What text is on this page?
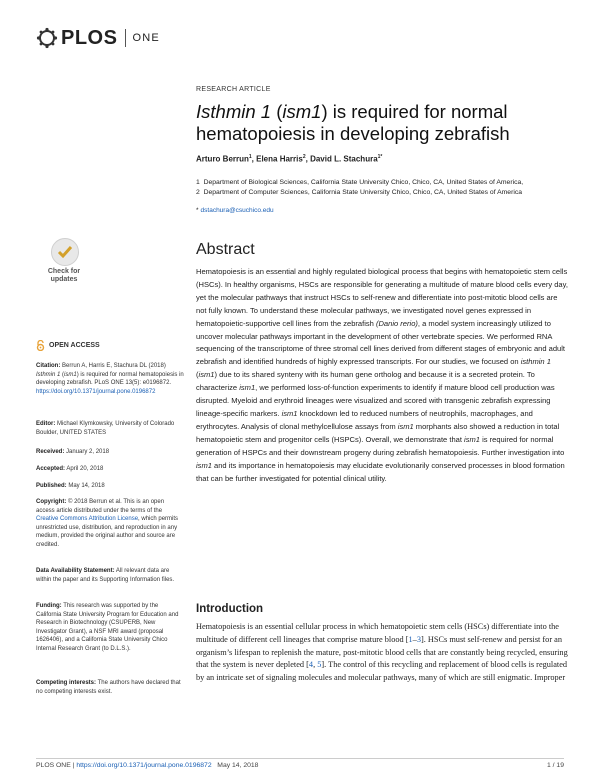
PLOS ONE
RESEARCH ARTICLE
Isthmin 1 (ism1) is required for normal hematopoiesis in developing zebrafish
Arturo Berrun$^1$, Elena Harris$^2$, David L. Stachura$^{1*}$
1 Department of Biological Sciences, California State University Chico, Chico, CA, United States of America,
2 Department of Computer Sciences, California State University Chico, Chico, CA, United States of America
* dstachura@csuchico.edu
Check for updates
OPEN ACCESS
Citation: Berrun A, Harris E, Stachura DL (2018) Isthmin 1 (ism1) is required for normal hematopoiesis in developing zebrafish. PLoS ONE 13(5): e0196872. https://doi.org/10.1371/journal.pone.0196872
Editor: Michael Klymkowsky, University of Colorado Boulder, UNITED STATES
Received: January 2, 2018
Accepted: April 20, 2018
Published: May 14, 2018
Copyright: © 2018 Berrun et al. This is an open access article distributed under the terms of the Creative Commons Attribution License, which permits unrestricted use, distribution, and reproduction in any medium, provided the original author and source are credited.
Data Availability Statement: All relevant data are within the paper and its Supporting Information files.
Funding: This research was supported by the California State University Program for Education and Research in Biotechnology (CSUPERB, New Investigator Grant), a NSF MRI award (proposal 1626406), and a California State University Chico Internal Research Grant (to D.L.S.).
Competing interests: The authors have declared that no competing interests exist.
Abstract

Hematopoiesis is an essential and highly regulated biological process that begins with hematopoietic stem cells (HSCs). In healthy organisms, HSCs are responsible for generating a multitude of mature blood cells every day, yet the molecular pathways that instruct HSCs to self-renew and differentiate into post-mitotic blood cells are not fully known. To understand these molecular pathways, we investigated novel genes expressed in hematopoietic-supportive cell lines from the zebrafish (Danio rerio), a model system increasingly utilized to uncover molecular pathways important in the development of other vertebrate species. We performed RNA sequencing of the transcriptome of three stromal cell lines derived from different stages of embryonic and adult zebrafish and identified hundreds of highly expressed transcripts. For our studies, we focused on isthmin 1 (ism1) due to its shared synteny with its human gene ortholog and because it is a secreted protein. To characterize ism1, we performed loss-of-function experiments to identify if mature blood cell production was disrupted. Myeloid and erythroid lineages were visualized and scored with transgenic zebrafish expressing lineage-specific markers. ism1 knockdown led to reduced numbers of neutrophils, macrophages, and erythrocytes. Analysis of clonal methylcellulose assays from ism1 morphants also showed a reduction in total hematopoietic stem and progenitor cells (HSPCs). Overall, we demonstrate that ism1 is required for normal generation of HSPCs and their downstream progeny during zebrafish hematopoiesis. Further investigation into ism1 and its importance in hematopoiesis may elucidate evolutionarily conserved processes in blood formation that can be further investigated for potential clinical utility.

Introduction

Hematopoiesis is an essential cellular process in which hematopoietic stem cells (HSCs) differentiate into the multitude of different cell lineages that comprise mature blood [1–3]. HSCs must self-renew and persist for an organism’s lifespan to replenish the mature, post-mitotic blood cells that are constantly being recycled, ensuring that the system is never depleted [4, 5]. The control of this recycling and replacement of blood cells is regulated by an intricate set of signaling molecules and molecular pathways, many of which are still enigmatic. Improper

PLOS ONE | https://doi.org/10.1371/journal.pone.0196872 May 14, 2018	1 / 19
